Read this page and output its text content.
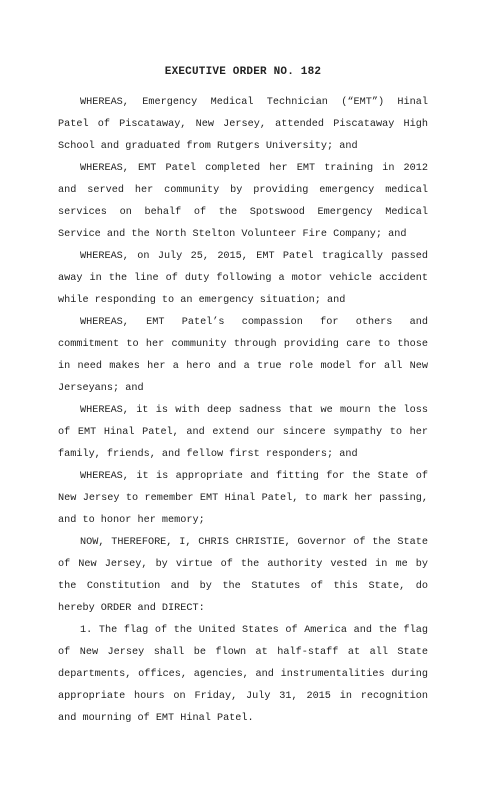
EXECUTIVE ORDER NO. 182

WHEREAS, Emergency Medical Technician (“EMT”) Hinal Patel of Piscataway, New Jersey, attended Piscataway High School and graduated from Rutgers University; and

WHEREAS, EMT Patel completed her EMT training in 2012 and served her community by providing emergency medical services on behalf of the Spotswood Emergency Medical Service and the North Stelton Volunteer Fire Company; and

WHEREAS, on July 25, 2015, EMT Patel tragically passed away in the line of duty following a motor vehicle accident while responding to an emergency situation; and

WHEREAS, EMT Patel’s compassion for others and commitment to her community through providing care to those in need makes her a hero and a true role model for all New Jerseyans; and

WHEREAS, it is with deep sadness that we mourn the loss of EMT Hinal Patel, and extend our sincere sympathy to her family, friends, and fellow first responders; and

WHEREAS, it is appropriate and fitting for the State of New Jersey to remember EMT Hinal Patel, to mark her passing, and to honor her memory;

NOW, THEREFORE, I, CHRIS CHRISTIE, Governor of the State of New Jersey, by virtue of the authority vested in me by the Constitution and by the Statutes of this State, do hereby ORDER and DIRECT:

1. The flag of the United States of America and the flag of New Jersey shall be flown at half-staff at all State departments, offices, agencies, and instrumentalities during appropriate hours on Friday, July 31, 2015 in recognition and mourning of EMT Hinal Patel.
